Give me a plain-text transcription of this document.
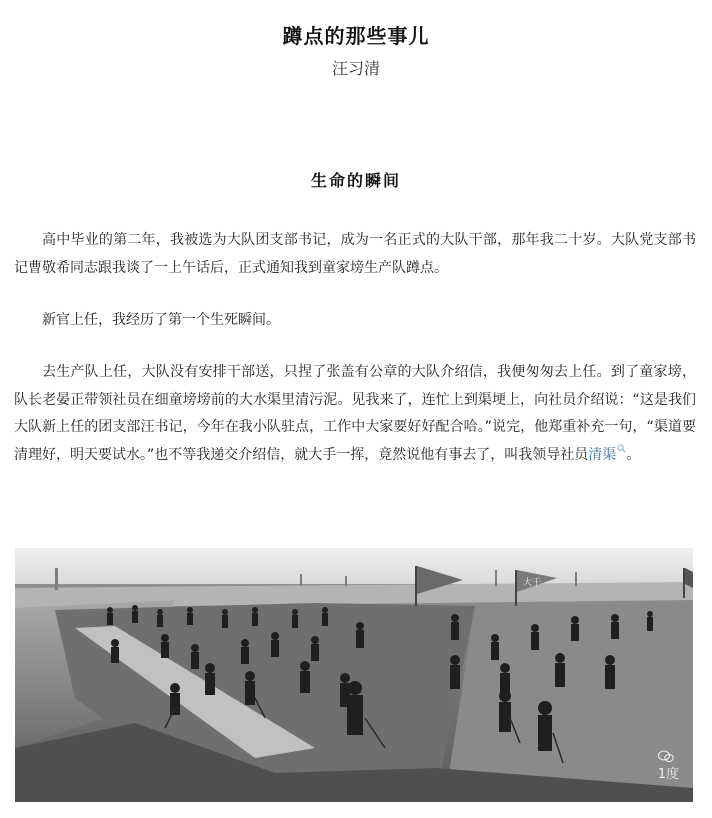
蹲点的那些事儿
汪习清
生命的瞬间

高中毕业的第二年，我被选为大队团支部书记，成为一名正式的大队干部，那年我二十岁。大队党支部书记曹敬希同志跟我谈了一上午话后，正式通知我到童家塝生产队蹲点。

新官上任，我经历了第一个生死瞬间。

去生产队上任，大队没有安排干部送，只捏了张盖有公章的大队介绍信，我便匆匆去上任。到了童家塝，队长老晏正带领社员在细童塝塝前的大水渠里清污泥。见我来了，连忙上到渠埂上，向社员介绍说：“这是我们大队新上任的团支部汪书记，今年在我小队驻点，工作中大家要好好配合哈。”说完，他郑重补充一句，“渠道要清理好，明天要试水。”也不等我递交介绍信，就大手一挥，竟然说他有事去了，叫我领导社员清渠 。

大干
1度
